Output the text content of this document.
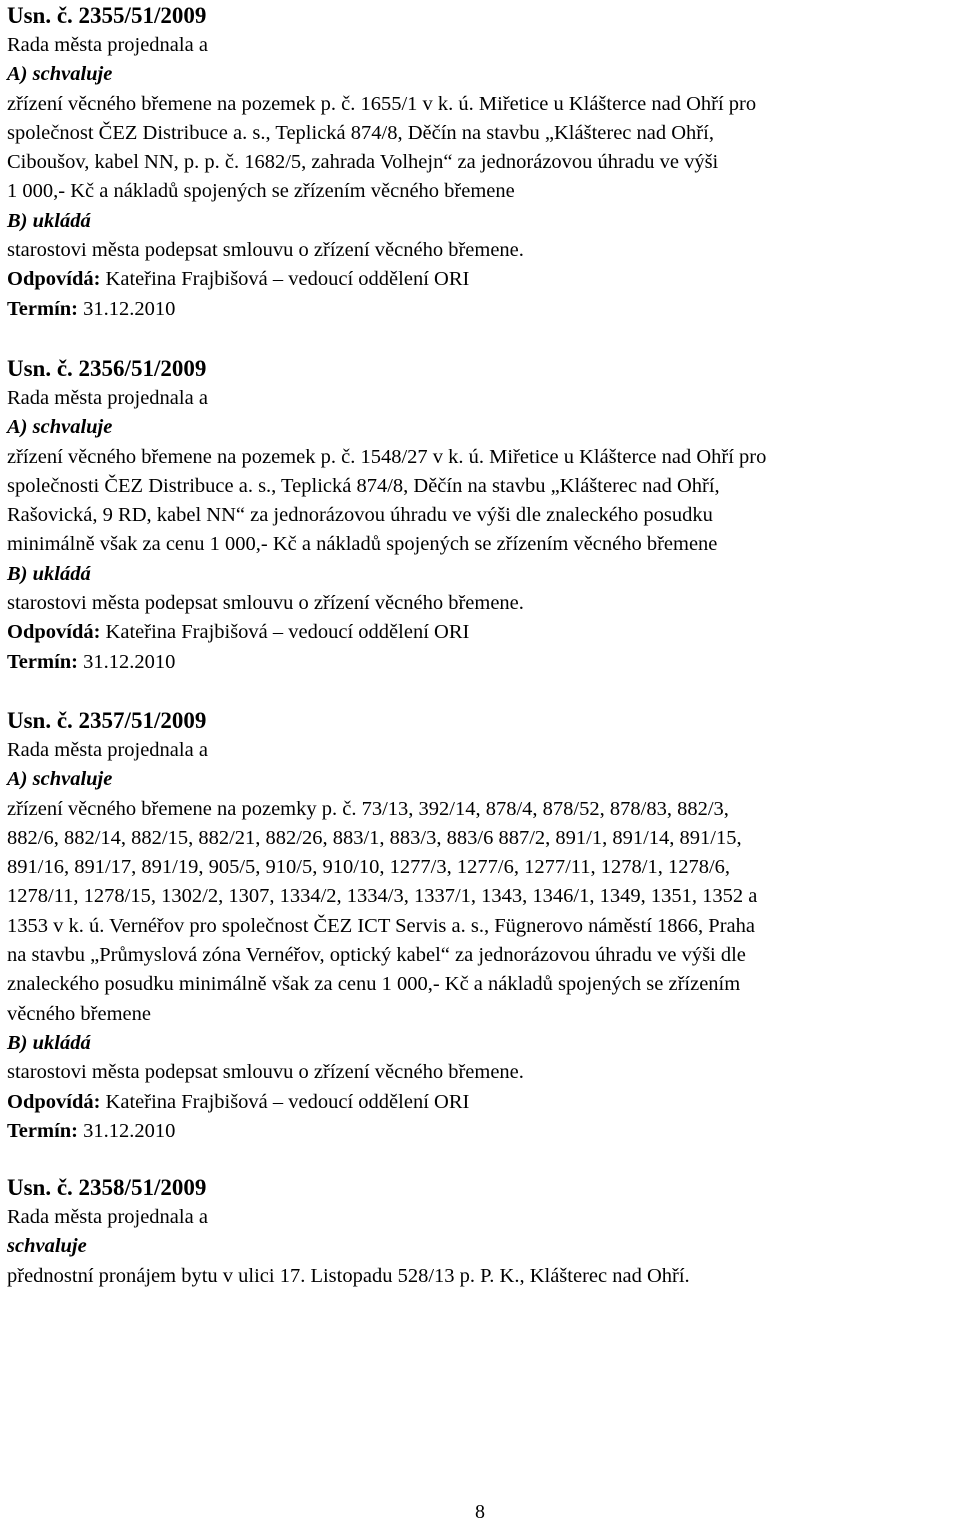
Usn. č. 2355/51/2009

Rada města projednala a

A) schvaluje

zřízení věcného břemene na pozemek p. č. 1655/1 v k. ú. Miřetice u Klášterce nad Ohří pro

společnost ČEZ Distribuce a. s., Teplická 874/8, Děčín na stavbu „Klášterec nad Ohří,

Ciboušov, kabel NN, p. p. č. 1682/5, zahrada Volhejn“ za jednorázovou úhradu ve výši

1 000,- Kč a nákladů spojených se zřízením věcného břemene

B) ukládá

starostovi města podepsat smlouvu o zřízení věcného břemene.

Odpovídá: Kateřina Frajbišová – vedoucí oddělení ORI

Termín: 31.12.2010

Usn. č. 2356/51/2009

Rada města projednala a

A) schvaluje

zřízení věcného břemene na pozemek p. č. 1548/27 v k. ú. Miřetice u Klášterce nad Ohří pro

společnosti ČEZ Distribuce a. s., Teplická 874/8, Děčín na stavbu „Klášterec nad Ohří,

Rašovická, 9 RD, kabel NN“ za jednorázovou úhradu ve výši dle znaleckého posudku

minimálně však za cenu 1 000,- Kč a nákladů spojených se zřízením věcného břemene

B) ukládá

starostovi města podepsat smlouvu o zřízení věcného břemene.

Odpovídá: Kateřina Frajbišová – vedoucí oddělení ORI

Termín: 31.12.2010

Usn. č. 2357/51/2009

Rada města projednala a

A) schvaluje

zřízení věcného břemene na pozemky p. č. 73/13, 392/14, 878/4, 878/52, 878/83, 882/3,

882/6, 882/14, 882/15, 882/21, 882/26, 883/1, 883/3, 883/6 887/2, 891/1, 891/14, 891/15,

891/16, 891/17, 891/19, 905/5, 910/5, 910/10, 1277/3, 1277/6, 1277/11, 1278/1, 1278/6,

1278/11, 1278/15, 1302/2, 1307, 1334/2, 1334/3, 1337/1, 1343, 1346/1, 1349, 1351, 1352 a

1353 v k. ú. Vernéřov pro společnost ČEZ ICT Servis a. s., Fügnerovo náměstí 1866, Praha

na stavbu „Průmyslová zóna Vernéřov, optický kabel“ za jednorázovou úhradu ve výši dle

znaleckého posudku minimálně však za cenu 1 000,- Kč a nákladů spojených se zřízením

věcného břemene

B) ukládá

starostovi města podepsat smlouvu o zřízení věcného břemene.

Odpovídá: Kateřina Frajbišová – vedoucí oddělení ORI

Termín: 31.12.2010

Usn. č. 2358/51/2009

Rada města projednala a

schvaluje

přednostní pronájem bytu v ulici 17. Listopadu 528/13 p. P. K., Klášterec nad Ohří.

8
